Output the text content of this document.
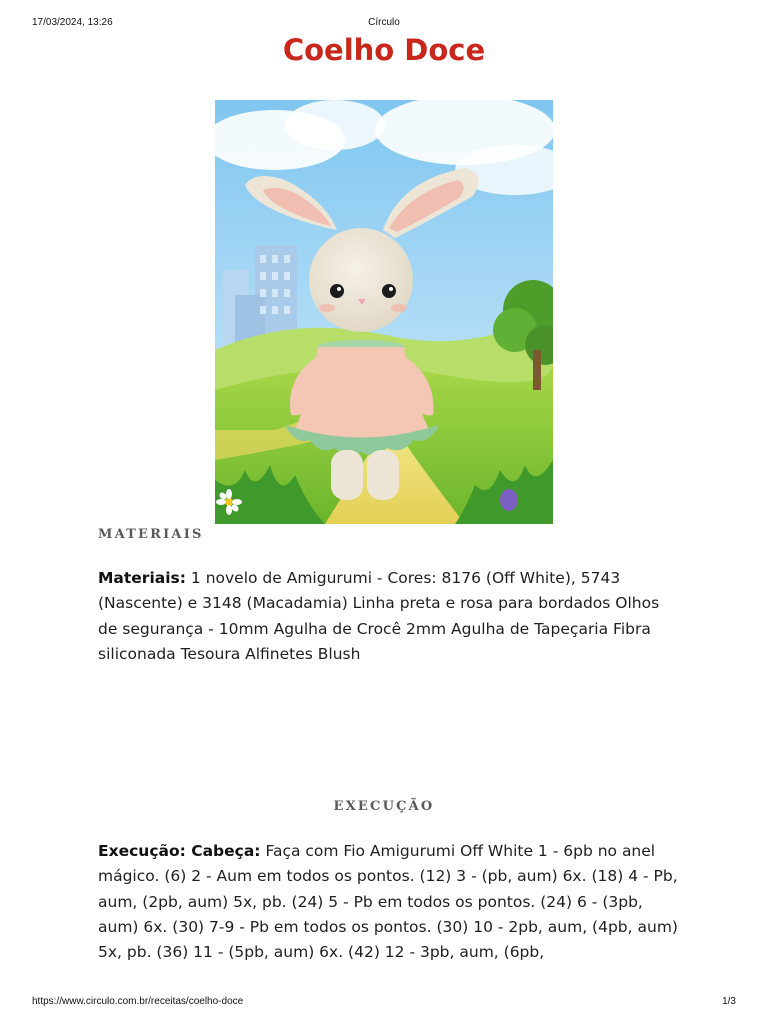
17/03/2024, 13:26	Círculo
Coelho Doce
MATERIAIS

Materiais: 1 novelo de Amigurumi - Cores: 8176 (Off White), 5743 (Nascente) e 3148 (Macadamia) Linha preta e rosa para bordados Olhos de segurança - 10mm Agulha de Crocê 2mm Agulha de Tapeçaria Fibra siliconada Tesoura Alfinetes Blush

EXECUÇÃO

Execução: Cabeça: Faça com Fio Amigurumi Off White 1 - 6pb no anel mágico. (6) 2 - Aum em todos os pontos. (12) 3 - (pb, aum) 6x. (18) 4 - Pb, aum, (2pb, aum) 5x, pb. (24) 5 - Pb em todos os pontos. (24) 6 - (3pb, aum) 6x. (30) 7-9 - Pb em todos os pontos. (30) 10 - 2pb, aum, (4pb, aum) 5x, pb. (36) 11 - (5pb, aum) 6x. (42) 12 - 3pb, aum, (6pb,

https://www.circulo.com.br/receitas/coelho-doce	1/3
